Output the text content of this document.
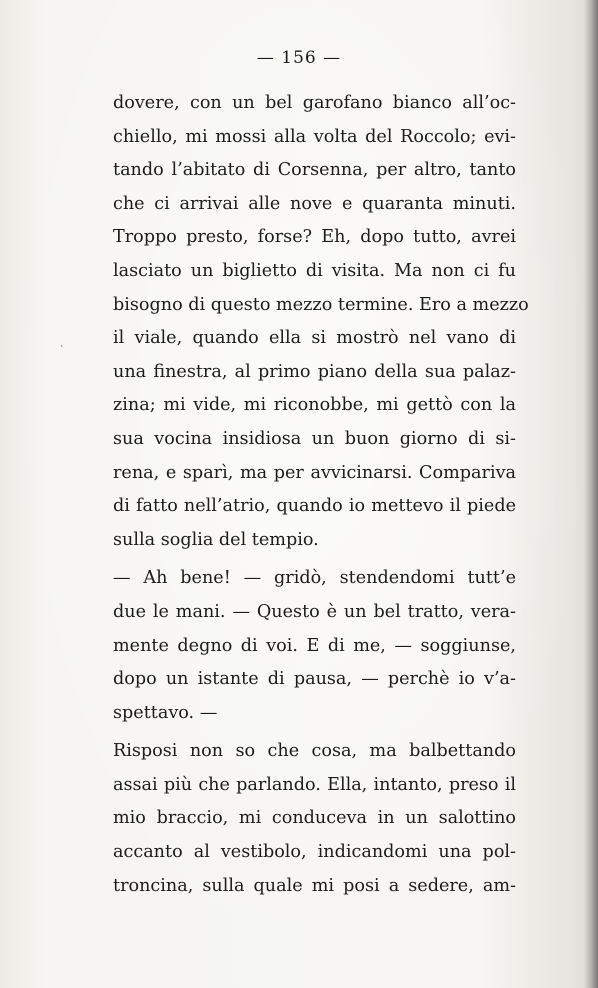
— 156 —
˴
dovere, con un bel garofano bianco all’oc-
chiello, mi mossi alla volta del Roccolo; evi-
tando l’abitato di Corsenna, per altro, tanto
che ci arrivai alle nove e quaranta minuti.
Troppo presto, forse? Eh, dopo tutto, avrei
lasciato un biglietto di visita. Ma non ci fu
bisogno di questo mezzo termine. Ero a mezzo
il viale, quando ella si mostrò nel vano di
una finestra, al primo piano della sua palaz-
zina; mi vide, mi riconobbe, mi gettò con la
sua vocina insidiosa un buon giorno di si-
rena, e sparì, ma per avvicinarsi. Compariva
di fatto nell’atrio, quando io mettevo il piede
sulla soglia del tempio.
— Ah bene! — gridò, stendendomi tutt’e
due le mani. — Questo è un bel tratto, vera-
mente degno di voi. E di me, — soggiunse,
dopo un istante di pausa, — perchè io v’a-
spettavo. —
Risposi non so che cosa, ma balbettando
assai più che parlando. Ella, intanto, preso il
mio braccio, mi conduceva in un salottino
accanto al vestibolo, indicandomi una pol-
troncina, sulla quale mi posi a sedere, am-
